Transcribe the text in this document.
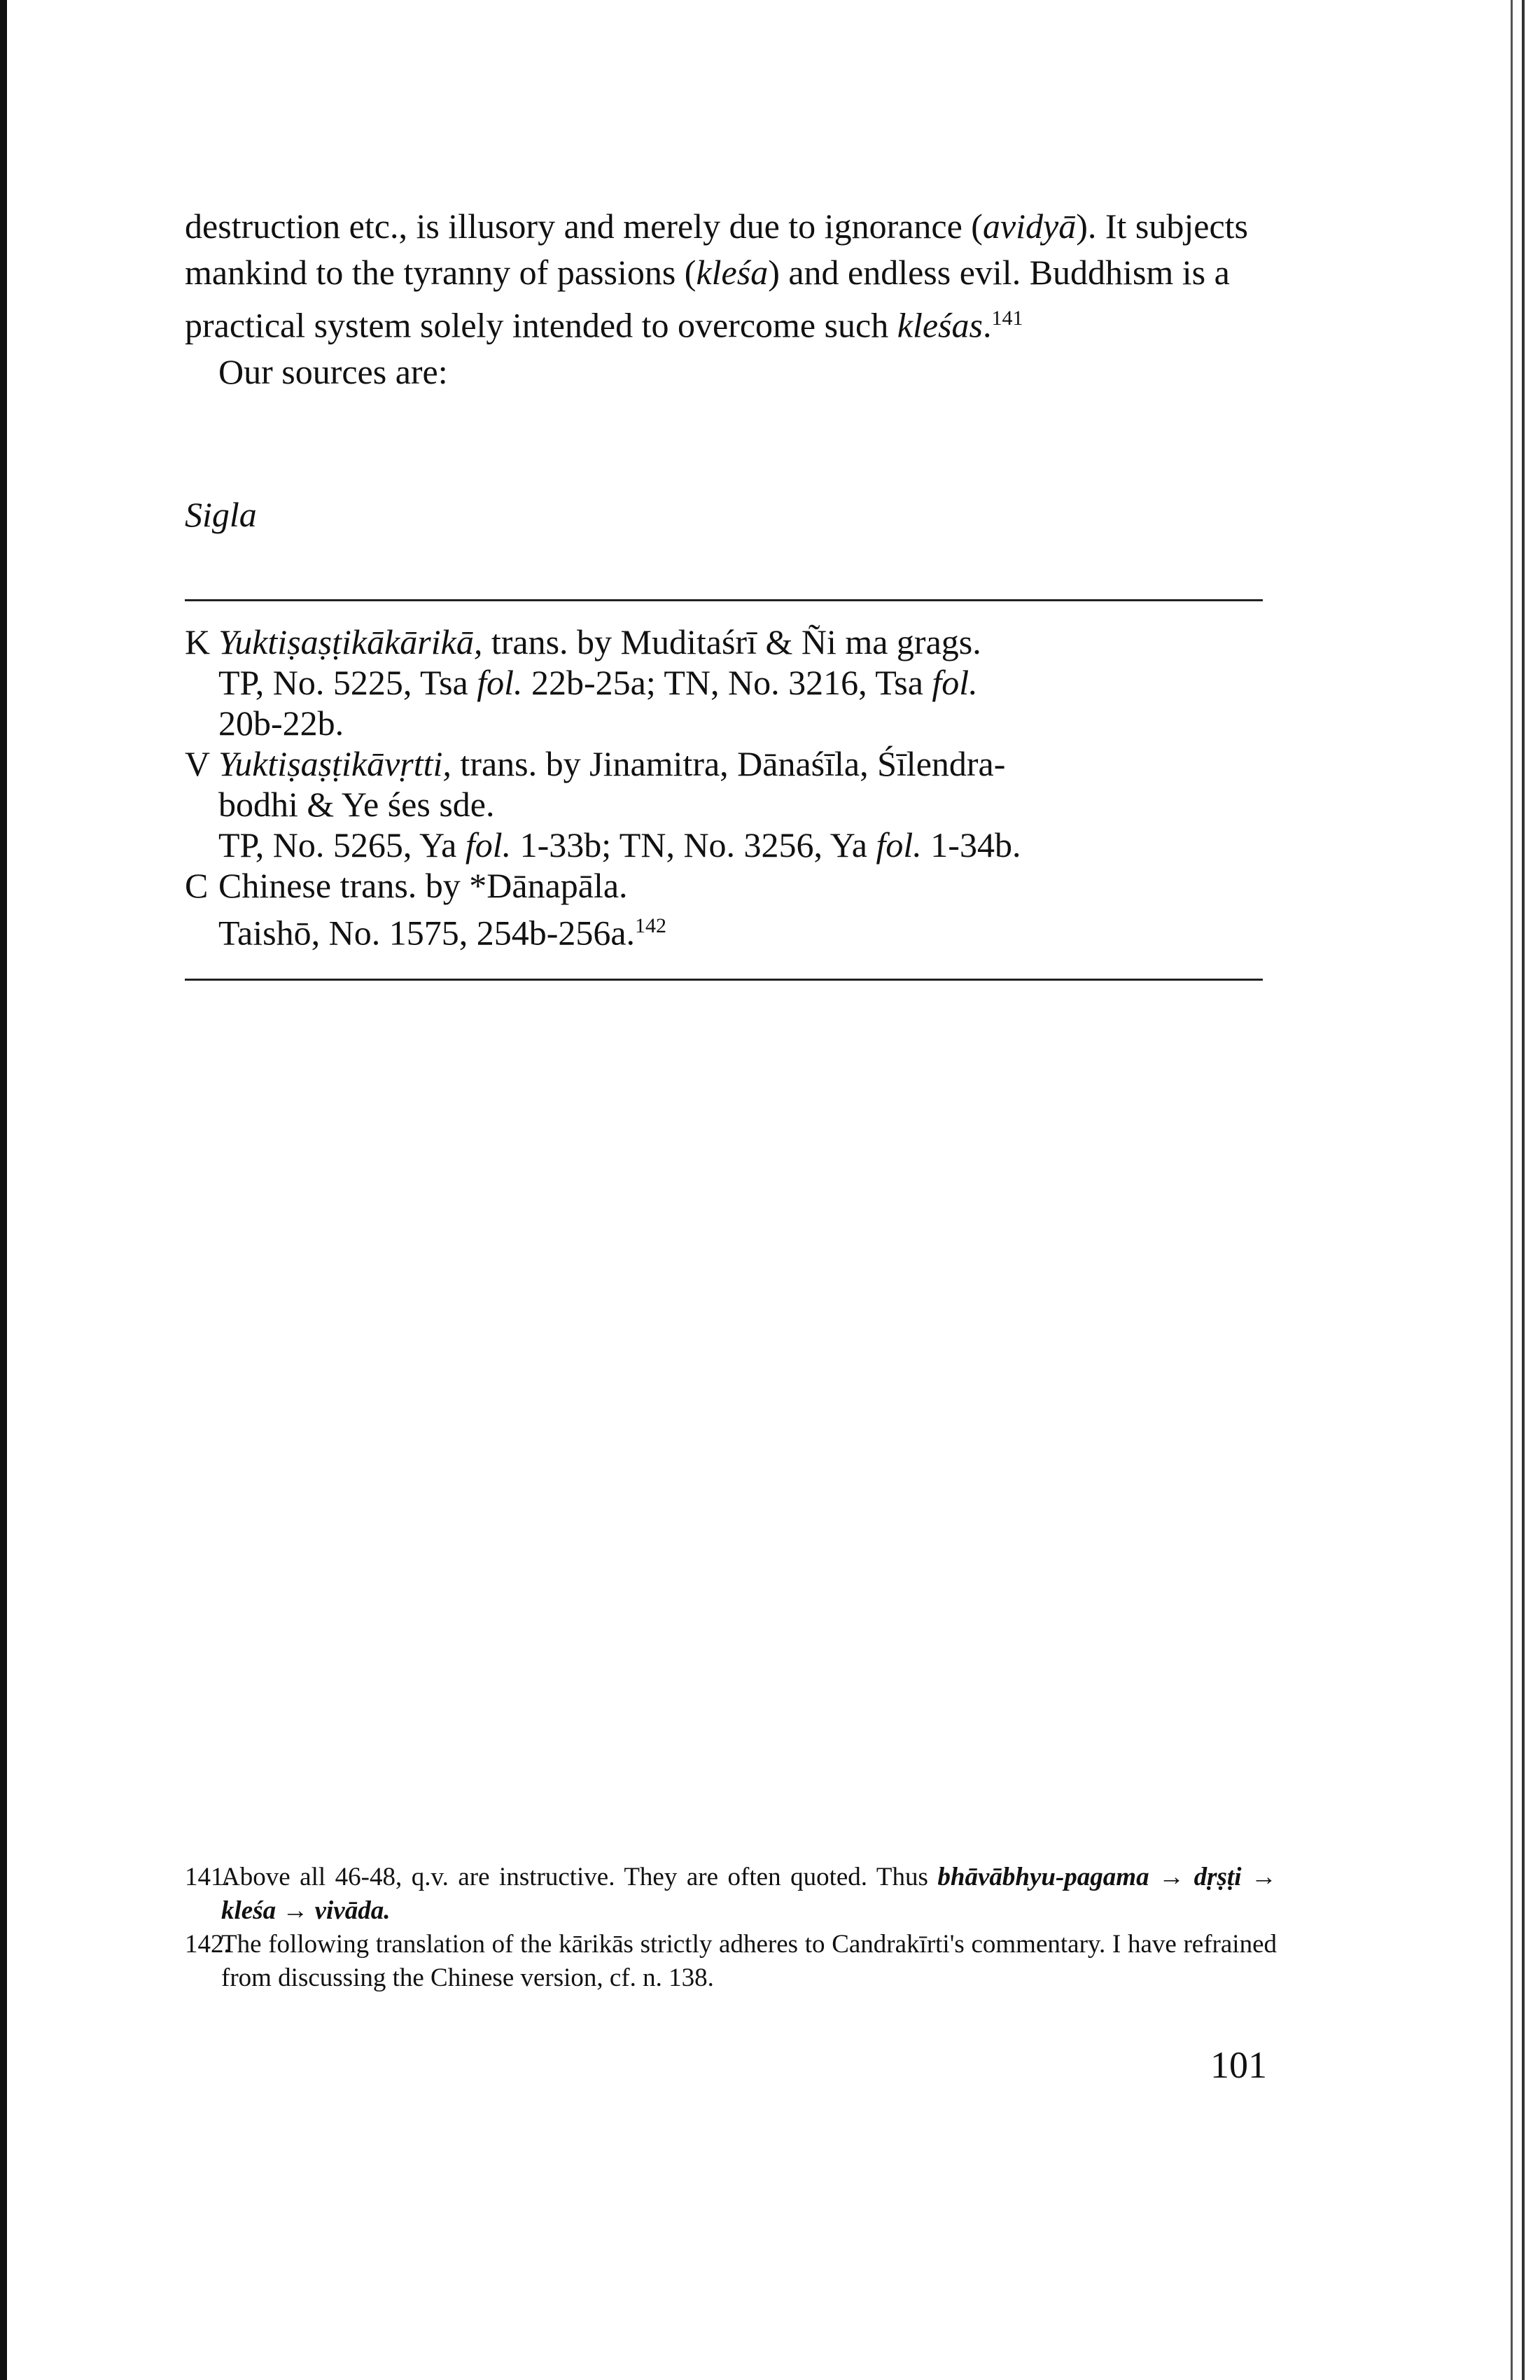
destruction etc., is illusory and merely due to ignorance (avidyā). It subjects mankind to the tyranny of passions (kleśa) and endless evil. Buddhism is a practical system solely intended to overcome such kleśas.$^{141}$

Our sources are:

Sigla
K Yuktiṣaṣṭikākārikā, trans. by Muditaśrī & Ñi ma grags.
TP, No. 5225, Tsa fol. 22b-25a; TN, No. 3216, Tsa fol.
20b-22b.
V Yuktiṣaṣṭikāvṛtti, trans. by Jinamitra, Dānaśīla, Śīlendra-
bodhi & Ye śes sde.
TP, No. 5265, Ya fol. 1-33b; TN, No. 3256, Ya fol. 1-34b.
C Chinese trans. by *Dānapāla.
Taishō, No. 1575, 254b-256a.$^{142}$
141.
Above all 46-48, q.v. are instructive. They are often quoted. Thus bhāvābhyu-pagama → dṛṣṭi → kleśa → vivāda.
142.
The following translation of the kārikās strictly adheres to Candrakīrti's commentary. I have refrained from discussing the Chinese version, cf. n. 138.
101
